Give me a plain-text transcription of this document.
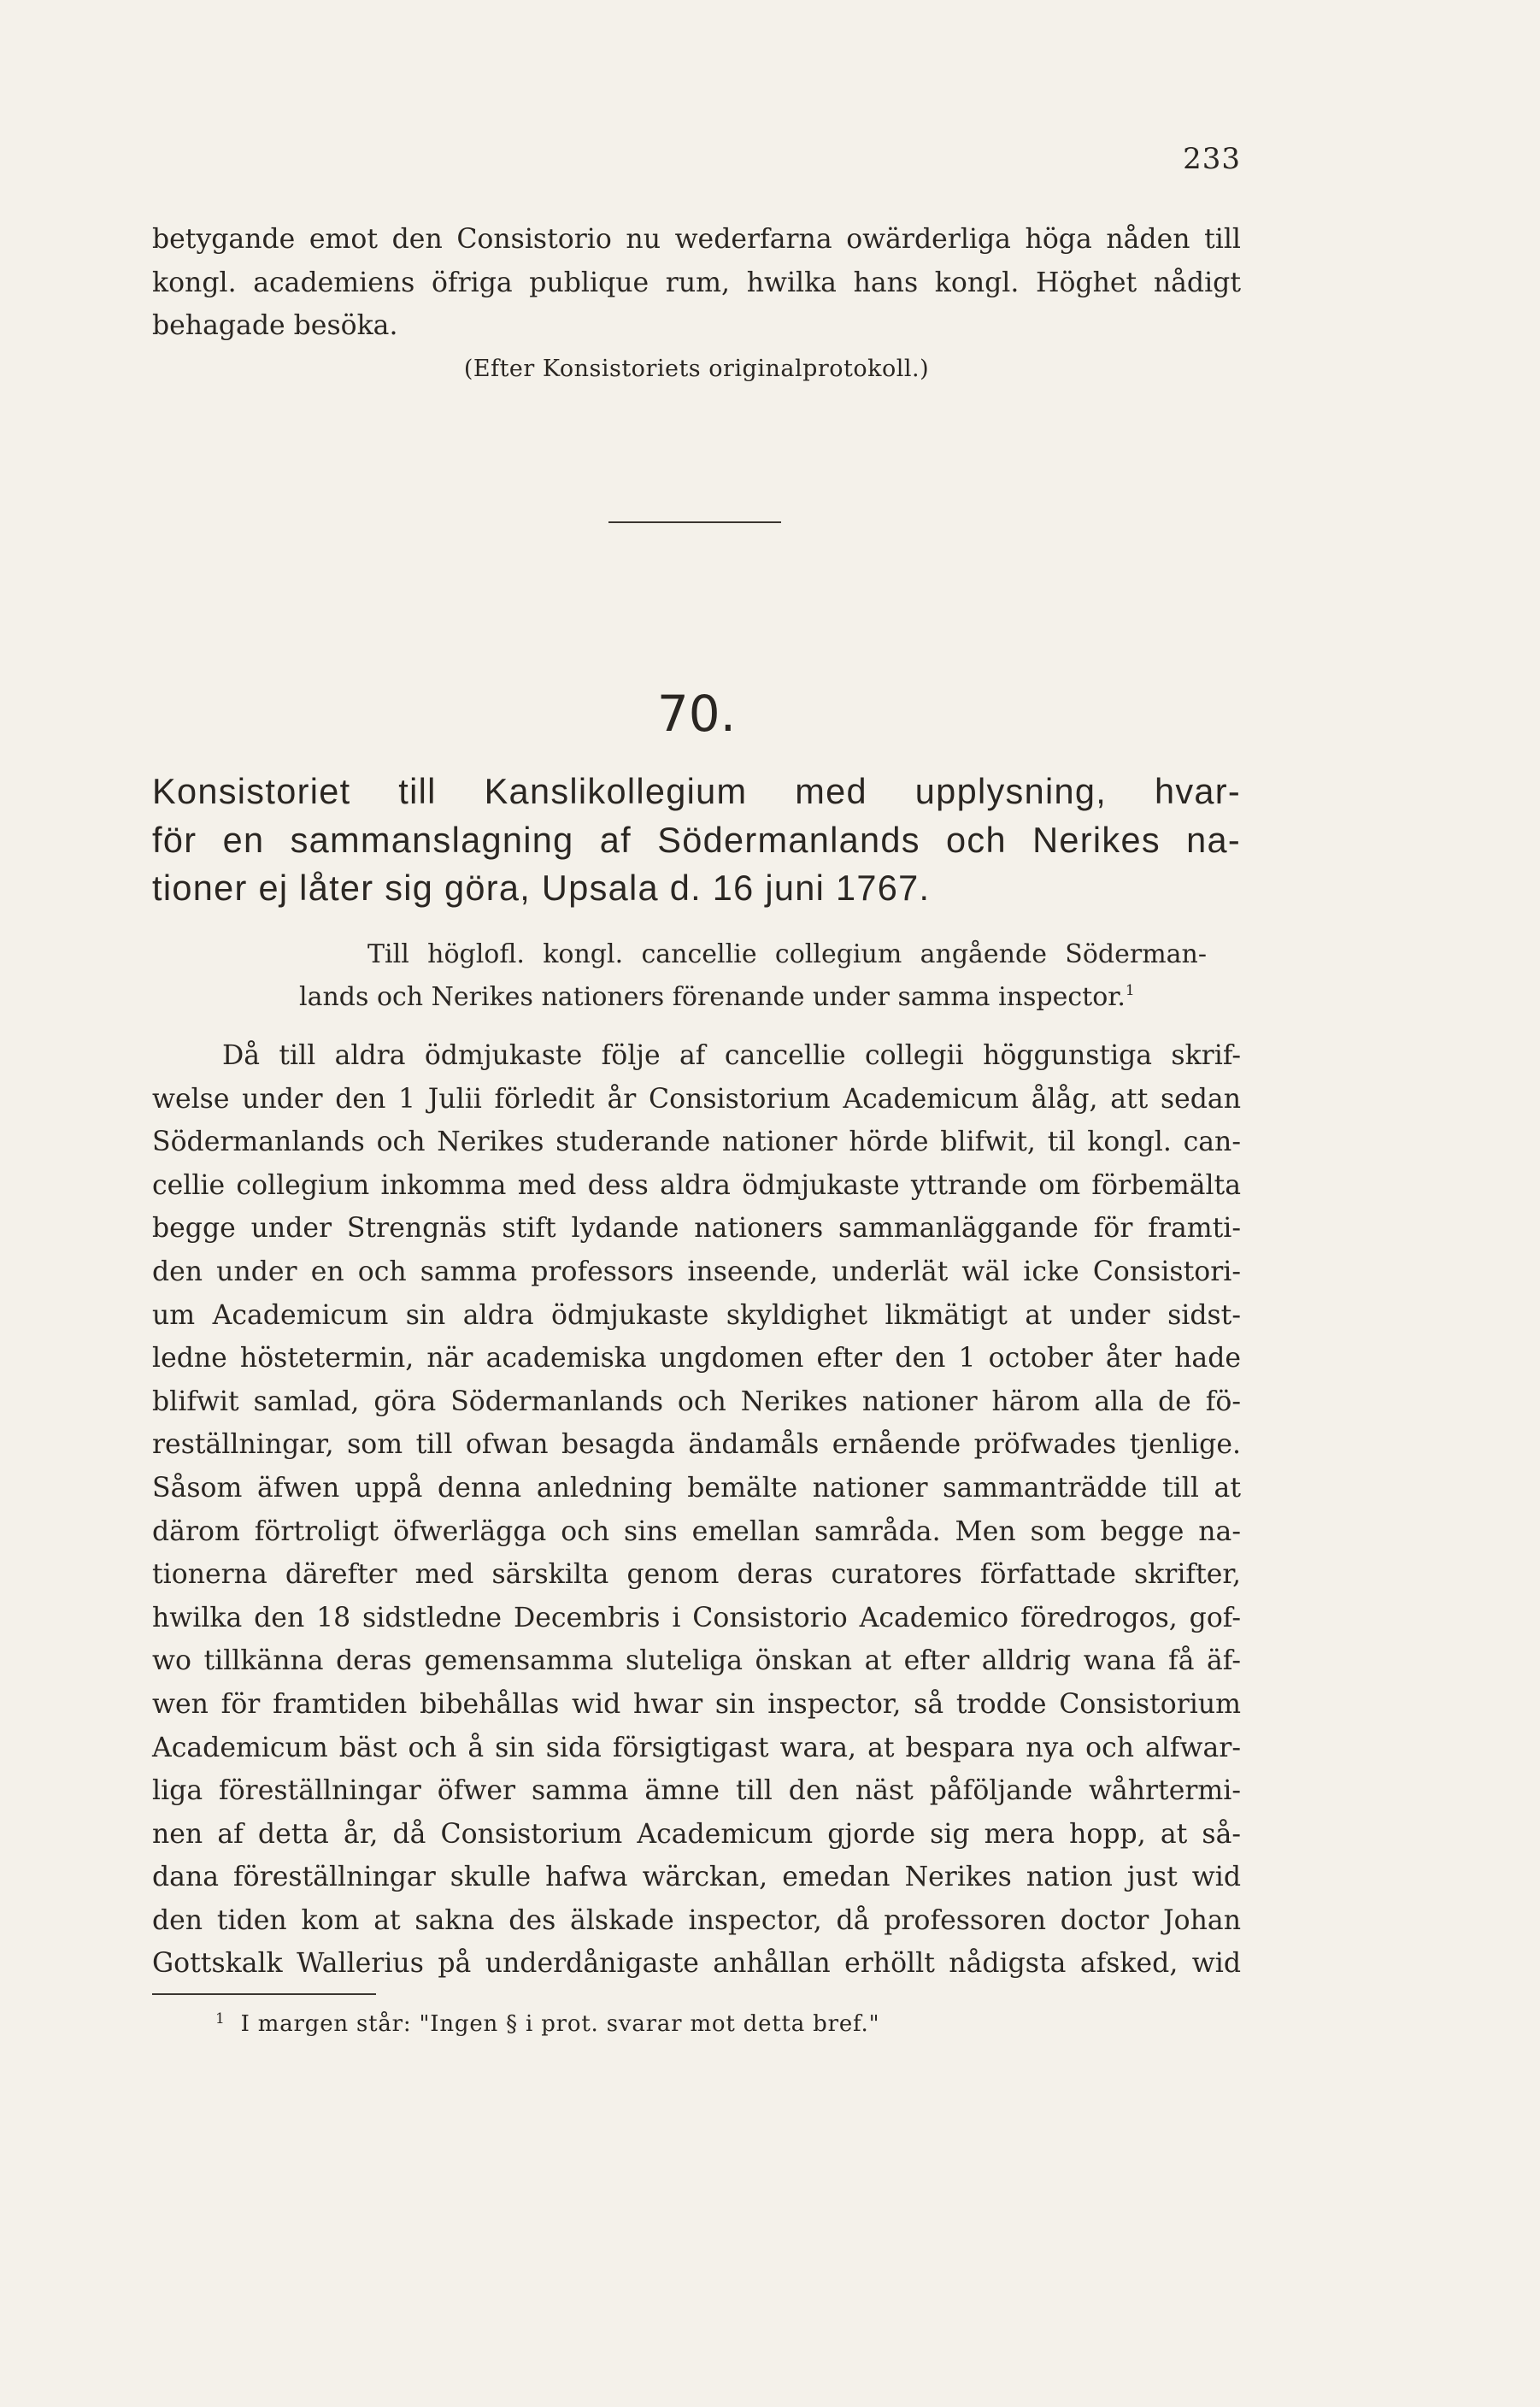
233
betygande emot den Consistorio nu wederfarna owärderliga höga nåden till
kongl. academiens öfriga publique rum, hwilka hans kongl. Höghet nådigt
behagade besöka.
(Efter Konsistoriets originalprotokoll.)
70.
Konsistoriet till Kanslikollegium med upplysning, hvar-
för en sammanslagning af Södermanlands och Nerikes na-
tioner ej låter sig göra, Upsala d. 16 juni 1767.
Till höglofl. kongl. cancellie collegium angående Söderman-
lands och Nerikes nationers förenande under samma inspector.$^1$
Då till aldra ödmjukaste följe af cancellie collegii höggunstiga skrif-
welse under den 1 Julii förledit år Consistorium Academicum ålåg, att sedan
Södermanlands och Nerikes studerande nationer hörde blifwit, til kongl. can-
cellie collegium inkomma med dess aldra ödmjukaste yttrande om förbemälta
begge under Strengnäs stift lydande nationers sammanläggande för framti-
den under en och samma professors inseende, underlät wäl icke Consistori-
um Academicum sin aldra ödmjukaste skyldighet likmätigt at under sidst-
ledne höstetermin, när academiska ungdomen efter den 1 october åter hade
blifwit samlad, göra Södermanlands och Nerikes nationer härom alla de fö-
reställningar, som till ofwan besagda ändamåls ernående pröfwades tjenlige.
Såsom äfwen uppå denna anledning bemälte nationer sammanträdde till at
därom förtroligt öfwerlägga och sins emellan samråda. Men som begge na-
tionerna därefter med särskilta genom deras curatores författade skrifter,
hwilka den 18 sidstledne Decembris i Consistorio Academico föredrogos, gof-
wo tillkänna deras gemensamma sluteliga önskan at efter alldrig wana få äf-
wen för framtiden bibehållas wid hwar sin inspector, så trodde Consistorium
Academicum bäst och å sin sida försigtigast wara, at bespara nya och alfwar-
liga föreställningar öfwer samma ämne till den näst påföljande wåhrtermi-
nen af detta år, då Consistorium Academicum gjorde sig mera hopp, at så-
dana föreställningar skulle hafwa wärckan, emedan Nerikes nation just wid
den tiden kom at sakna des älskade inspector, då professoren doctor Johan
Gottskalk Wallerius på underdånigaste anhållan erhöllt nådigsta afsked, wid
$^1$ I margen står: "Ingen § i prot. svarar mot detta bref."
